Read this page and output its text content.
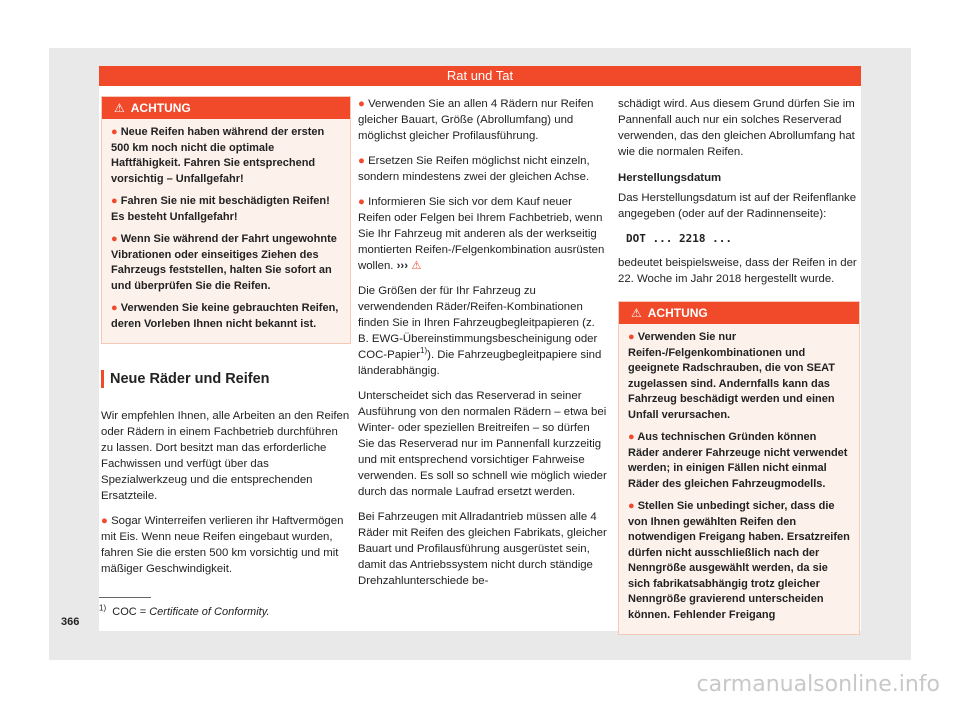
Rat und Tat
⚠ ACHTUNG

● Neue Reifen haben während der ersten 500 km noch nicht die optimale Haftfähigkeit. Fahren Sie entsprechend vorsichtig – Unfallgefahr!

● Fahren Sie nie mit beschädigten Reifen! Es besteht Unfallgefahr!

● Wenn Sie während der Fahrt ungewohnte Vibrationen oder einseitiges Ziehen des Fahrzeugs feststellen, halten Sie sofort an und überprüfen Sie die Reifen.

● Verwenden Sie keine gebrauchten Reifen, deren Vorleben Ihnen nicht bekannt ist.

Neue Räder und Reifen

Wir empfehlen Ihnen, alle Arbeiten an den Reifen oder Rädern in einem Fachbetrieb durchführen zu lassen. Dort besitzt man das erforderliche Fachwissen und verfügt über das Spezialwerkzeug und die entsprechenden Ersatzteile.

● Sogar Winterreifen verlieren ihr Haftvermögen mit Eis. Wenn neue Reifen eingebaut wurden, fahren Sie die ersten 500 km vorsichtig und mit mäßiger Geschwindigkeit.

● Verwenden Sie an allen 4 Rädern nur Reifen gleicher Bauart, Größe (Abrollumfang) und möglichst gleicher Profilausführung.

● Ersetzen Sie Reifen möglichst nicht einzeln, sondern mindestens zwei der gleichen Achse.

● Informieren Sie sich vor dem Kauf neuer Reifen oder Felgen bei Ihrem Fachbetrieb, wenn Sie Ihr Fahrzeug mit anderen als der werkseitig montierten Reifen-/Felgenkombination ausrüsten wollen. ››› ⚠

Die Größen der für Ihr Fahrzeug zu verwendenden Räder/Reifen-Kombinationen finden Sie in Ihren Fahrzeugbegleitpapieren (z. B. EWG-Übereinstimmungsbescheinigung oder COC-Papier$^{1)}$). Die Fahrzeugbegleitpapiere sind länderabhängig.

Unterscheidet sich das Reserverad in seiner Ausführung von den normalen Rädern – etwa bei Winter- oder speziellen Breitreifen – so dürfen Sie das Reserverad nur im Pannenfall kurzzeitig und mit entsprechend vorsichtiger Fahrweise verwenden. Es soll so schnell wie möglich wieder durch das normale Laufrad ersetzt werden.

Bei Fahrzeugen mit Allradantrieb müssen alle 4 Räder mit Reifen des gleichen Fabrikats, gleicher Bauart und Profilausführung ausgerüstet sein, damit das Antriebssystem nicht durch ständige Drehzahlunterschiede be-

schädigt wird. Aus diesem Grund dürfen Sie im Pannenfall auch nur ein solches Reserverad verwenden, das den gleichen Abrollumfang hat wie die normalen Reifen.

Herstellungsdatum

Das Herstellungsdatum ist auf der Reifenflanke angegeben (oder auf der Radinnenseite):

DOT ... 2218 ...

bedeutet beispielsweise, dass der Reifen in der 22. Woche im Jahr 2018 hergestellt wurde.

⚠ ACHTUNG

● Verwenden Sie nur Reifen-/Felgenkombinationen und geeignete Radschrauben, die von SEAT zugelassen sind. Andernfalls kann das Fahrzeug beschädigt werden und einen Unfall verursachen.

● Aus technischen Gründen können Räder anderer Fahrzeuge nicht verwendet werden; in einigen Fällen nicht einmal Räder des gleichen Fahrzeugmodells.

● Stellen Sie unbedingt sicher, dass die von Ihnen gewählten Reifen den notwendigen Freigang haben. Ersatzreifen dürfen nicht ausschließlich nach der Nenngröße ausgewählt werden, da sie sich fabrikatsabhängig trotz gleicher Nenngröße gravierend unterscheiden können. Fehlender Freigang

$^{1)}$ COC = Certificate of Conformity.
366
carmanualsonline.info
